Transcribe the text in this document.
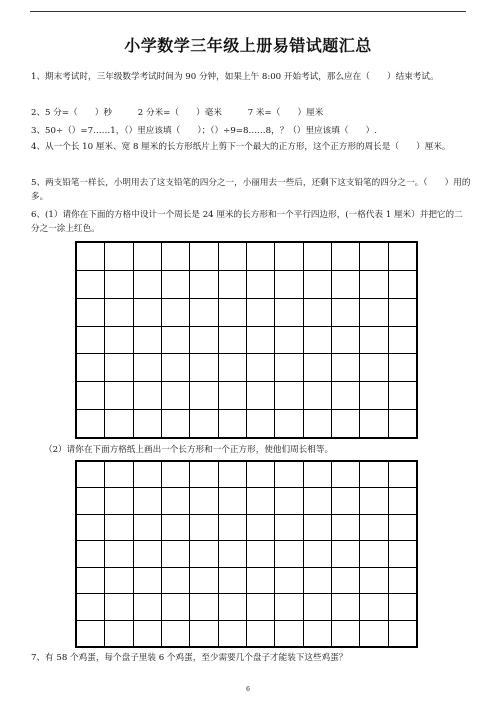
小学数学三年级上册易错试题汇总
1、期末考试时，三年级数学考试时间为 90 分钟，如果上午 8:00 开始考试，那么应在（　　）结束考试。
2、5 分=（　　）秒　　　2 分米=（　　）毫米　　　7 米=（　　）厘米
3、50÷（）=7……1，（）里应该填（　　）；（）÷9=8……8，？（）里应该填（　　）.
4、从一个长 10 厘米、宽 8 厘米的长方形纸片上剪下一个最大的正方形，这个正方形的周长是（　　）厘米。
5、两支铅笔一样长，小明用去了这支铅笔的四分之一，小丽用去一些后，还剩下这支铅笔的四分之一。（　　）用的多。
6、(1）请你在下面的方格中设计一个周长是 24 厘米的长方形和一个平行四边形，(一格代表 1 厘米）并把它的二分之一涂上红色。

（2）请你在下面方格纸上画出一个长方形和一个正方形，使他们周长相等。

7、有 58 个鸡蛋，每个盘子里装 6 个鸡蛋，至少需要几个盘子才能装下这些鸡蛋？
6
